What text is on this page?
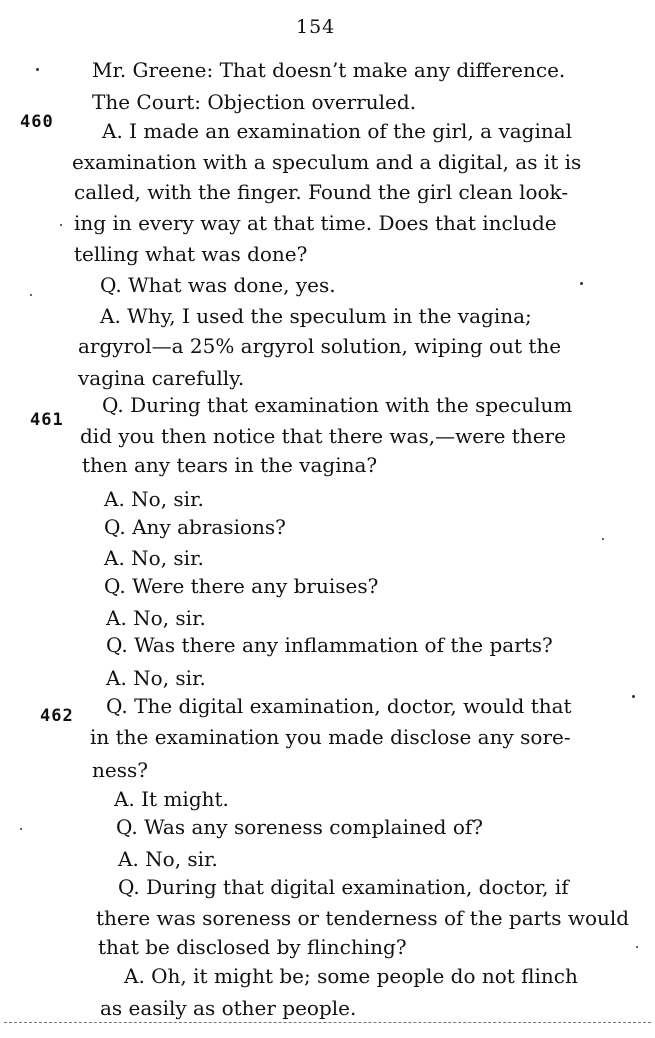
154
460
461
462
Mr. Greene: That doesn’t make any difference.
The Court: Objection overruled.
A. I made an examination of the girl, a vaginal
examination with a speculum and a digital, as it is
called, with the finger. Found the girl clean look-
ing in every way at that time. Does that include
telling what was done?
Q. What was done, yes.
A. Why, I used the speculum in the vagina;
argyrol—a 25% argyrol solution, wiping out the
vagina carefully.
Q. During that examination with the speculum
did you then notice that there was,—were there
then any tears in the vagina?
A. No, sir.
Q. Any abrasions?
A. No, sir.
Q. Were there any bruises?
A. No, sir.
Q. Was there any inflammation of the parts?
A. No, sir.
Q. The digital examination, doctor, would that
in the examination you made disclose any sore-
ness?
A. It might.
Q. Was any soreness complained of?
A. No, sir.
Q. During that digital examination, doctor, if
there was soreness or tenderness of the parts would
that be disclosed by flinching?
A. Oh, it might be; some people do not flinch
as easily as other people.
